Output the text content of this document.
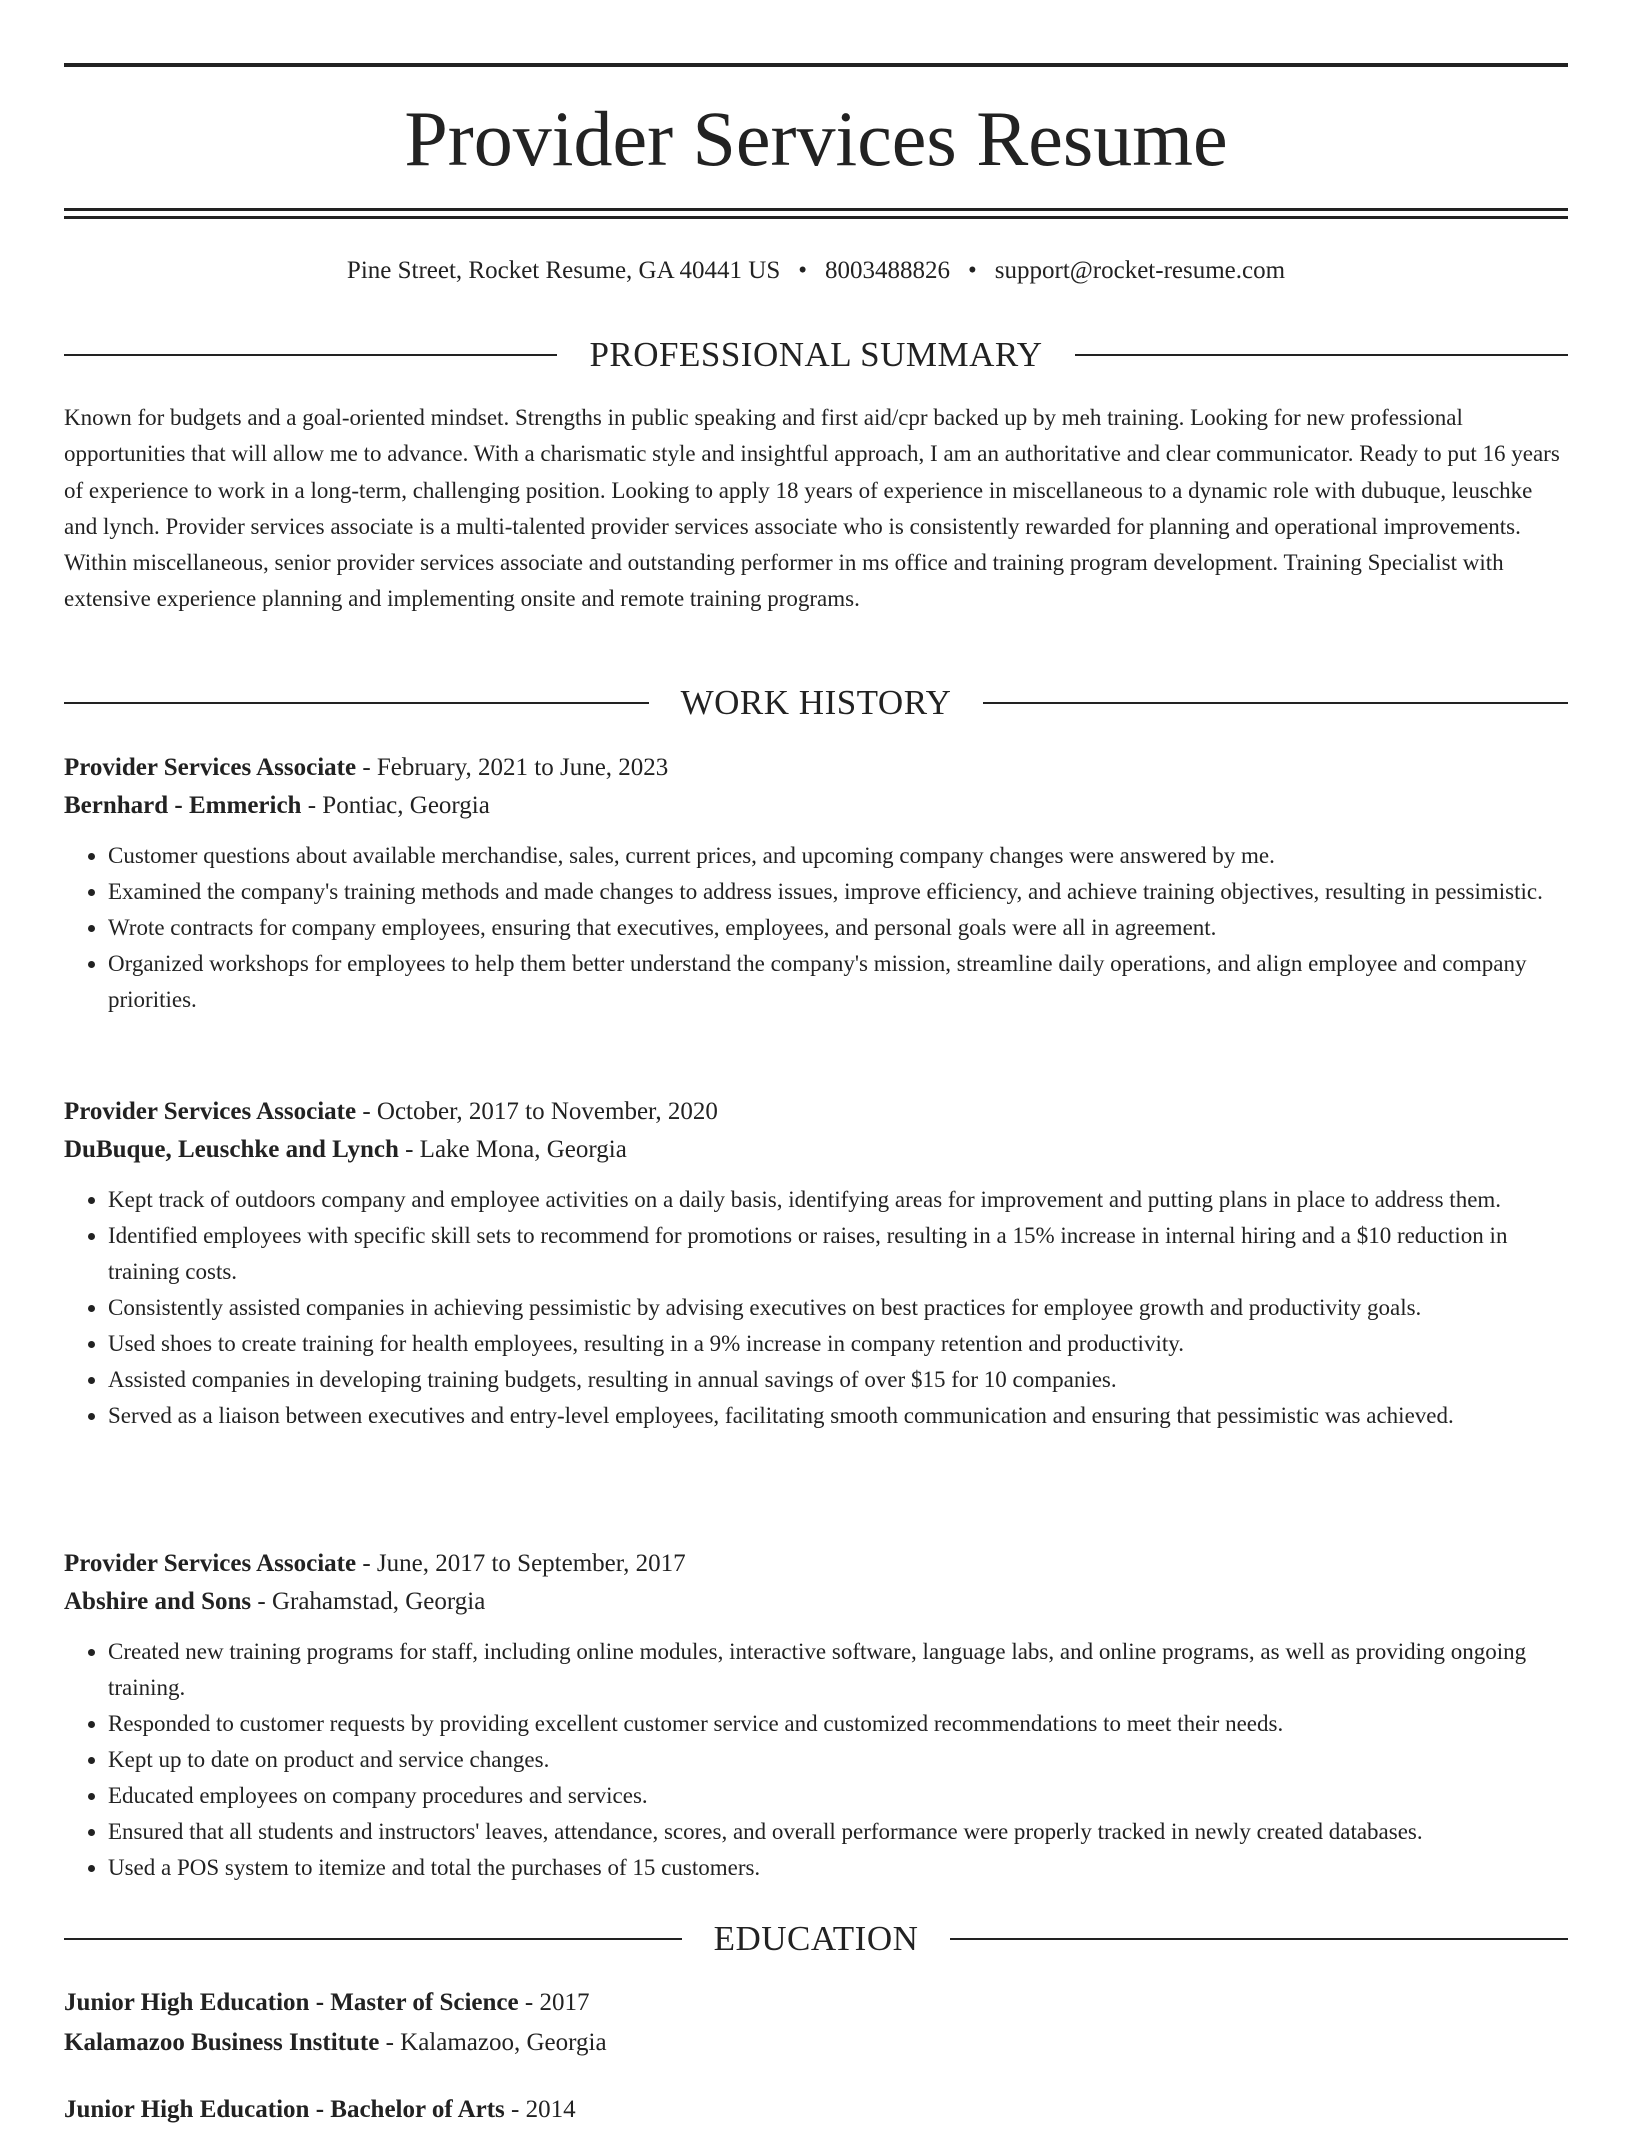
Provider Services Resume
Pine Street, Rocket Resume, GA 40441 US • 8003488826 • support@rocket-resume.com
PROFESSIONAL SUMMARY

Known for budgets and a goal-oriented mindset. Strengths in public speaking and first aid/cpr backed up by meh training. Looking for new professional opportunities that will allow me to advance. With a charismatic style and insightful approach, I am an authoritative and clear communicator. Ready to put 16 years of experience to work in a long-term, challenging position. Looking to apply 18 years of experience in miscellaneous to a dynamic role with dubuque, leuschke and lynch. Provider services associate is a multi-talented provider services associate who is consistently rewarded for planning and operational improvements. Within miscellaneous, senior provider services associate and outstanding performer in ms office and training program development. Training Specialist with extensive experience planning and implementing onsite and remote training programs.

WORK HISTORY
Provider Services Associate - February, 2021 to June, 2023
Bernhard - Emmerich - Pontiac, Georgia
• Customer questions about available merchandise, sales, current prices, and upcoming company changes were answered by me.
• Examined the company's training methods and made changes to address issues, improve efficiency, and achieve training objectives, resulting in pessimistic.
• Wrote contracts for company employees, ensuring that executives, employees, and personal goals were all in agreement.
• Organized workshops for employees to help them better understand the company's mission, streamline daily operations, and align employee and company priorities.
Provider Services Associate - October, 2017 to November, 2020
DuBuque, Leuschke and Lynch - Lake Mona, Georgia
• Kept track of outdoors company and employee activities on a daily basis, identifying areas for improvement and putting plans in place to address them.
• Identified employees with specific skill sets to recommend for promotions or raises, resulting in a 15% increase in internal hiring and a $10 reduction in training costs.
• Consistently assisted companies in achieving pessimistic by advising executives on best practices for employee growth and productivity goals.
• Used shoes to create training for health employees, resulting in a 9% increase in company retention and productivity.
• Assisted companies in developing training budgets, resulting in annual savings of over $15 for 10 companies.
• Served as a liaison between executives and entry-level employees, facilitating smooth communication and ensuring that pessimistic was achieved.
Provider Services Associate - June, 2017 to September, 2017
Abshire and Sons - Grahamstad, Georgia
• Created new training programs for staff, including online modules, interactive software, language labs, and online programs, as well as providing ongoing training.
• Responded to customer requests by providing excellent customer service and customized recommendations to meet their needs.
• Kept up to date on product and service changes.
• Educated employees on company procedures and services.
• Ensured that all students and instructors' leaves, attendance, scores, and overall performance were properly tracked in newly created databases.
• Used a POS system to itemize and total the purchases of 15 customers.
EDUCATION
Junior High Education - Master of Science - 2017
Kalamazoo Business Institute - Kalamazoo, Georgia
Junior High Education - Bachelor of Arts - 2014
